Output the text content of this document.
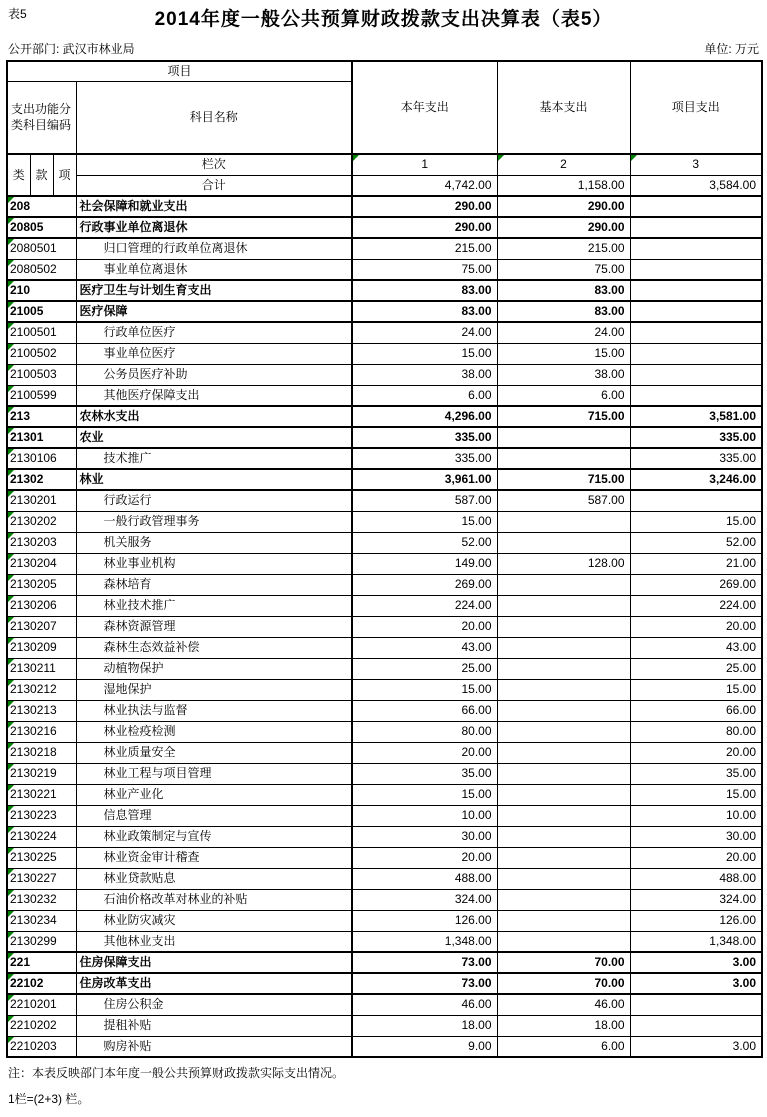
表5	2014年度一般公共预算财政拨款支出决算表（表5）
公开部门: 武汉市林业局	单位: 万元
项目				本年支出	基本支出	项目支出
支出功能分类科目编码			科目名称			
类	款	项	栏次	1	2	3
			合计	4,742.00	1,158.00	3,584.00
208			社会保障和就业支出	290.00	290.00	
20805			行政事业单位离退休	290.00	290.00	
2080501			归口管理的行政单位离退休	215.00	215.00	
2080502			事业单位离退休	75.00	75.00	
210			医疗卫生与计划生育支出	83.00	83.00	
21005			医疗保障	83.00	83.00	
2100501			行政单位医疗	24.00	24.00	
2100502			事业单位医疗	15.00	15.00	
2100503			公务员医疗补助	38.00	38.00	
2100599			其他医疗保障支出	6.00	6.00	
213			农林水支出	4,296.00	715.00	3,581.00
21301			农业	335.00		335.00
2130106			技术推广	335.00		335.00
21302			林业	3,961.00	715.00	3,246.00
2130201			行政运行	587.00	587.00	
2130202			一般行政管理事务	15.00		15.00
2130203			机关服务	52.00		52.00
2130204			林业事业机构	149.00	128.00	21.00
2130205			森林培育	269.00		269.00
2130206			林业技术推广	224.00		224.00
2130207			森林资源管理	20.00		20.00
2130209			森林生态效益补偿	43.00		43.00
2130211			动植物保护	25.00		25.00
2130212			湿地保护	15.00		15.00
2130213			林业执法与监督	66.00		66.00
2130216			林业检疫检测	80.00		80.00
2130218			林业质量安全	20.00		20.00
2130219			林业工程与项目管理	35.00		35.00
2130221			林业产业化	15.00		15.00
2130223			信息管理	10.00		10.00
2130224			林业政策制定与宣传	30.00		30.00
2130225			林业资金审计稽查	20.00		20.00
2130227			林业贷款贴息	488.00		488.00
2130232			石油价格改革对林业的补贴	324.00		324.00
2130234			林业防灾减灾	126.00		126.00
2130299			其他林业支出	1,348.00		1,348.00
221			住房保障支出	73.00	70.00	3.00
22102			住房改革支出	73.00	70.00	3.00
2210201			住房公积金	46.00	46.00	
2210202			提租补贴	18.00	18.00	
2210203			购房补贴	9.00	6.00	3.00
注：本表反映部门本年度一般公共预算财政拨款实际支出情况。
1栏=(2+3) 栏。
